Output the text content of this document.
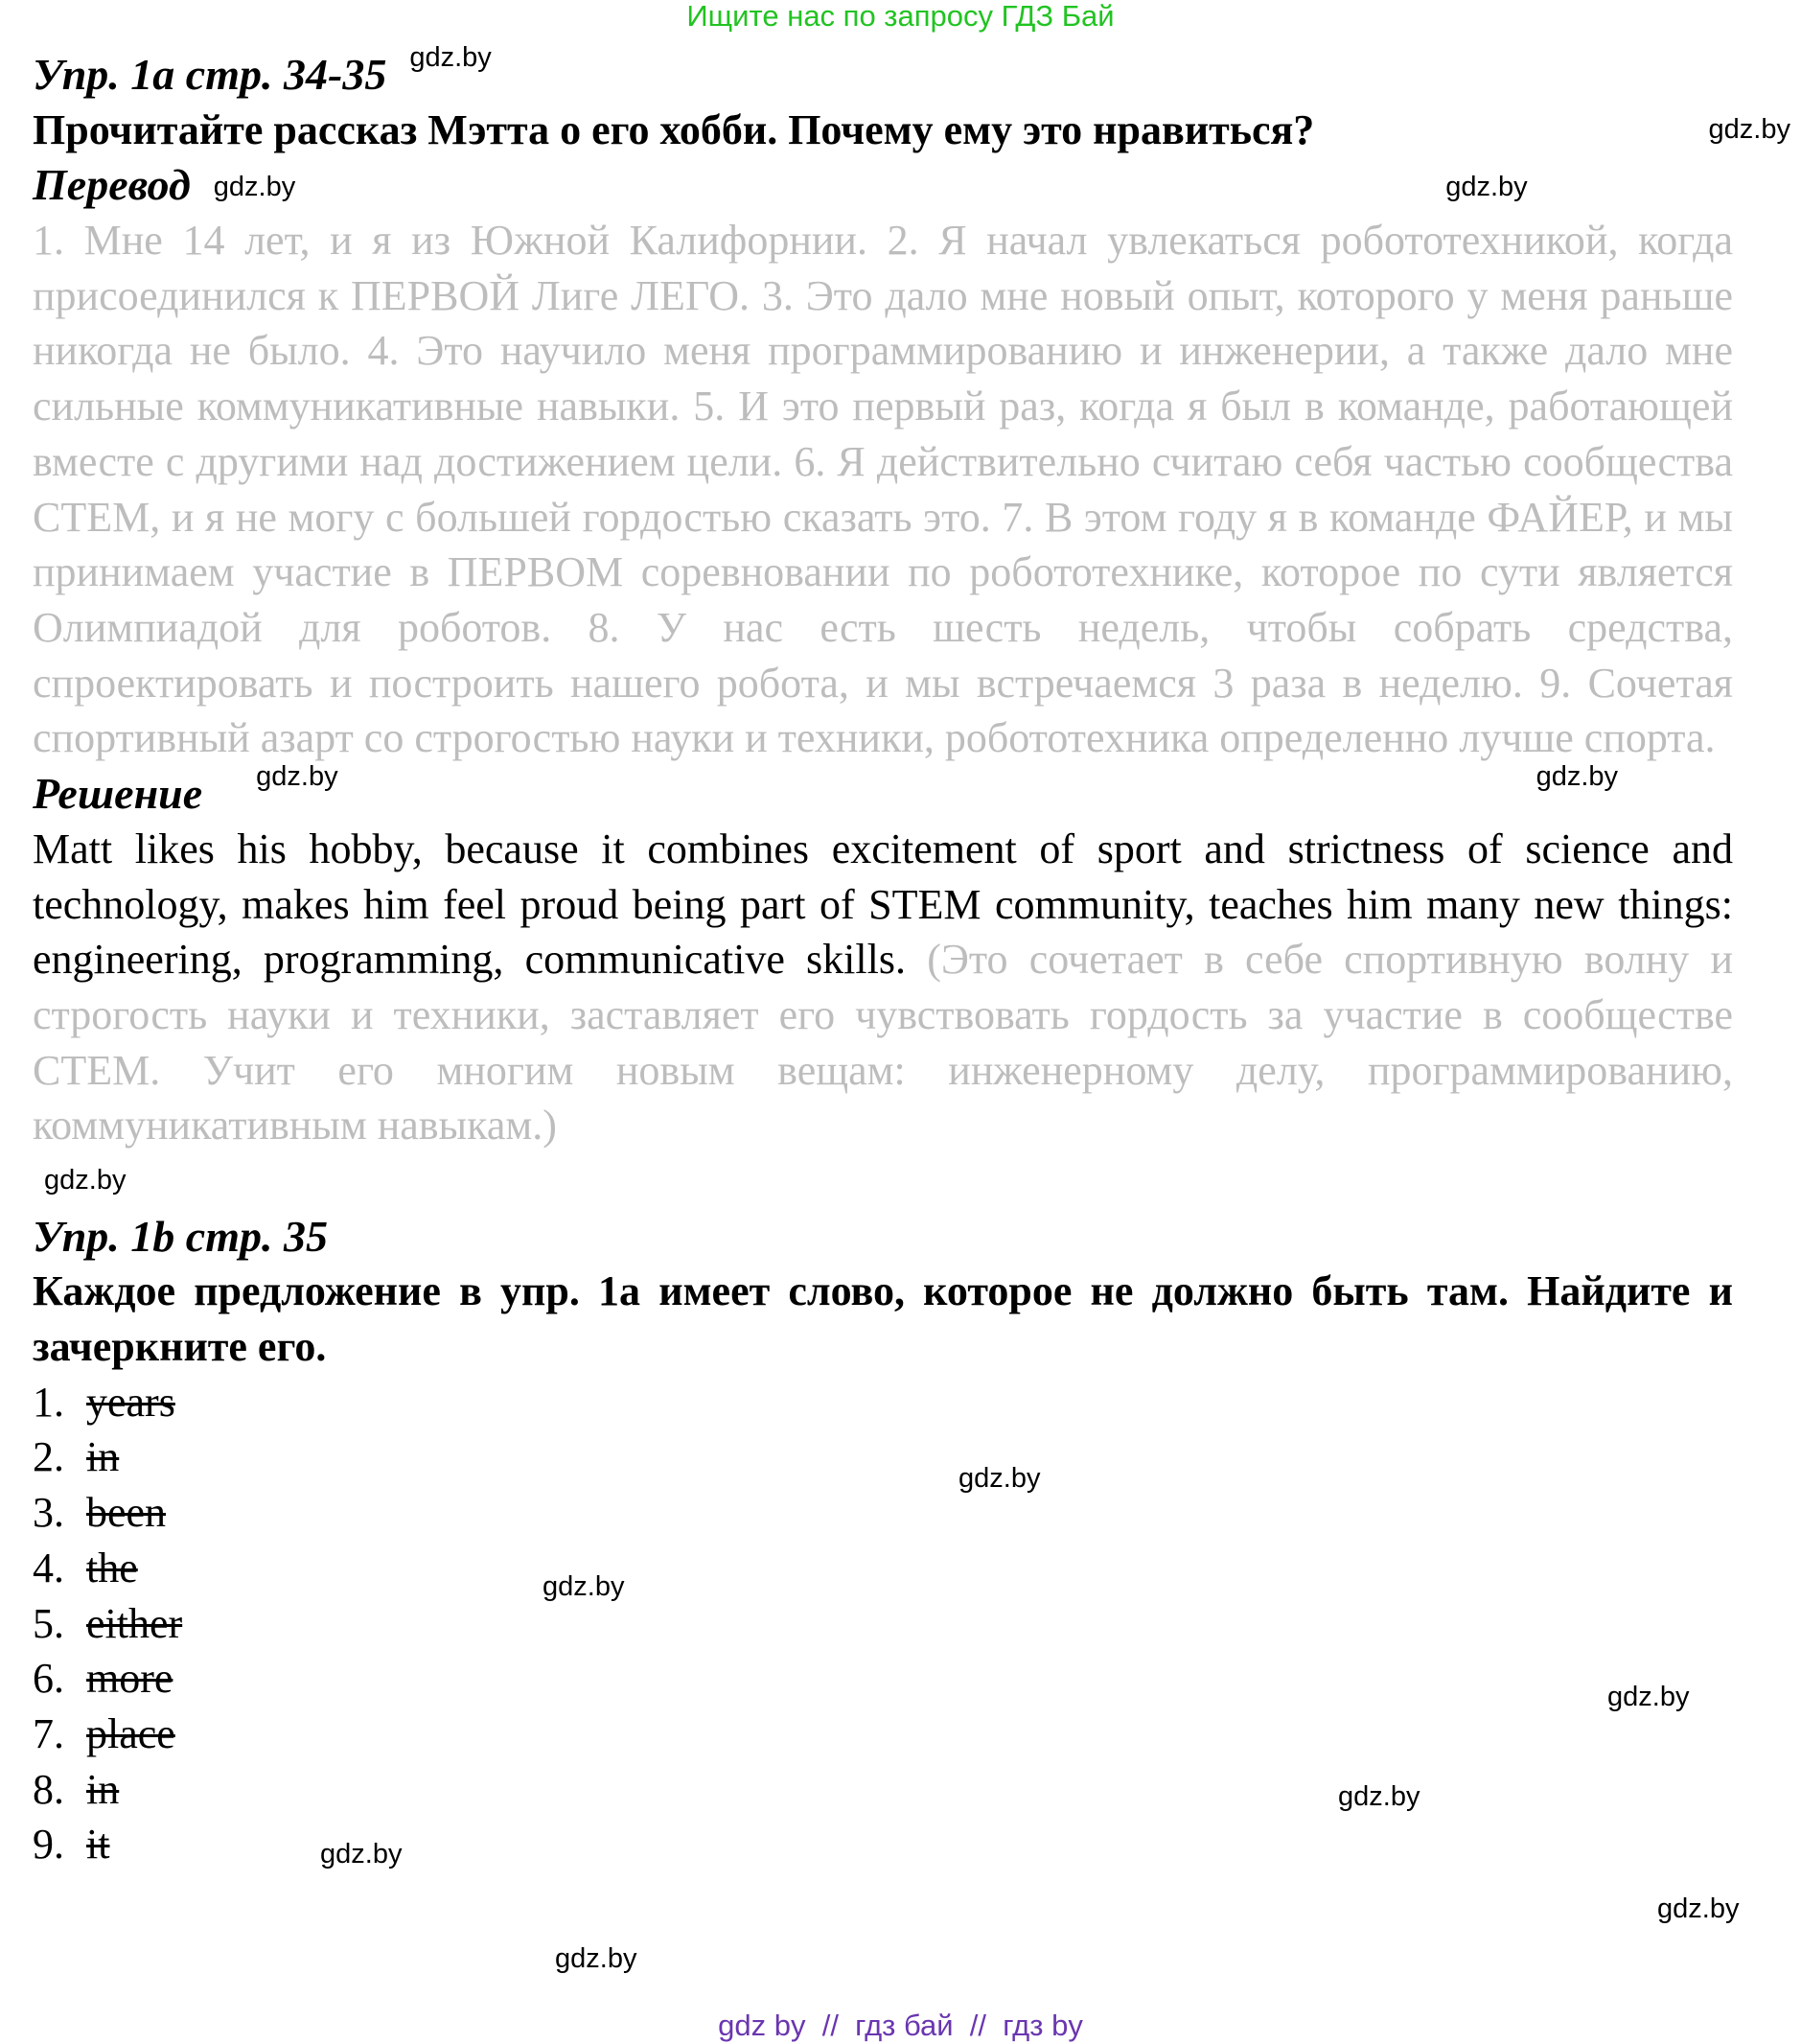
Ищите нас по запросу ГДЗ Бай

Упр. 1a стр. 34-35 gdz.by

gdz.by
Прочитайте рассказ Мэтта о его хобби. Почему ему это нравиться?

Перевод gdz.by	gdz.by

1. Мне 14 лет, и я из Южной Калифорнии. 2. Я начал увлекаться робототехникой, когда присоединился к ПЕРВОЙ Лиге ЛЕГО. 3. Это дало мне новый опыт, которого у меня раньше никогда не было. 4. Это научило меня программированию и инженерии, а также дало мне сильные коммуникативные навыки. 5. И это первый раз, когда я был в команде, работающей вместе с другими над достижением цели. 6. Я действительно считаю себя частью сообщества СТЕМ, и я не могу с большей гордостью сказать это. 7. В этом году я в команде ФАЙЕР, и мы принимаем участие в ПЕРВОМ соревновании по робототехнике, которое по сути является Олимпиадой для роботов. 8. У нас есть шесть недель, чтобы собрать средства, спроектировать и построить нашего робота, и мы встречаемся 3 раза в неделю. 9. Сочетая спортивный азарт со строгостью науки и техники, робототехника определенно лучше спорта.

Решение gdz.by	gdz.by

Matt likes his hobby, because it combines excitement of sport and strictness of science and technology, makes him feel proud being part of STEM community, teaches him many new things: engineering, programming, communicative skills. (Это сочетает в себе спортивную волну и строгость науки и техники, заставляет его чувствовать гордость за участие в сообществе СТЕМ. Учит его многим новым вещам: инженерному делу, программированию, коммуникативным навыкам.)

gdz.by

Упр. 1b стр. 35

Каждое предложение в упр. 1a имеет слово, которое не должно быть там. Найдите и зачеркните его.

1. years
2. in
3. been
4. the
5. either
6. more
7. place
8. in
9. it
gdz.by
gdz.by
gdz.by
gdz.by
gdz.by
gdz.by
gdz.by
gdz by  //  гдз бай  //  гдз by
